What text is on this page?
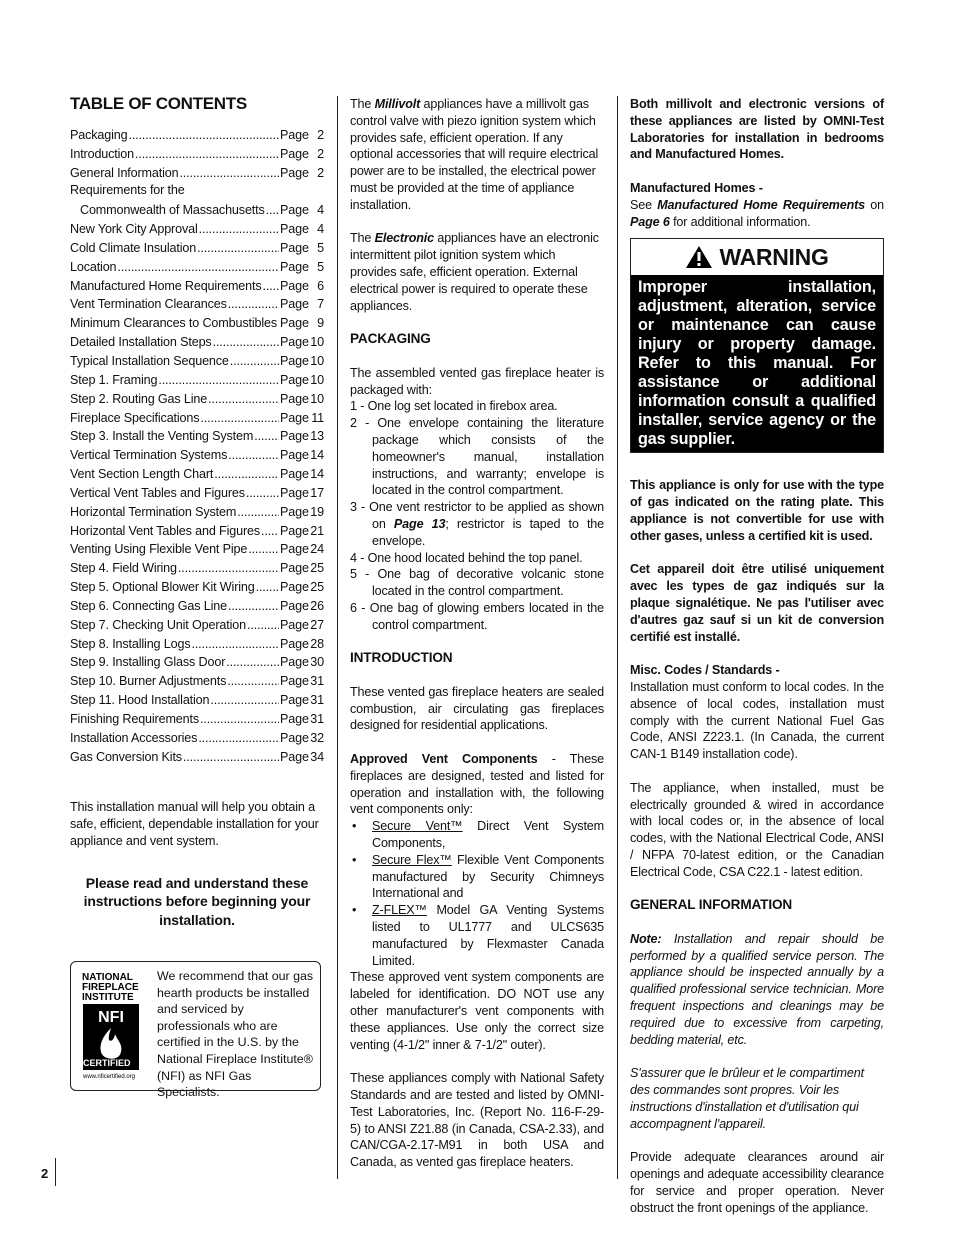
TABLE OF CONTENTS
Packaging .....	Page 2
Introduction .....	Page 2
General Information .....	Page 2
Requirements for the
Commonwealth of Massachusetts ..... Page 4
New York City Approval .....	Page 4
Cold Climate Insulation .....	Page 5
Location .....	Page 5
Manufactured Home Requirements ..... Page 6
Vent Termination Clearances .....	Page 7
Minimum Clearances to Combustibles ..... Page 9
Detailed Installation Steps .....	Page 10
Typical Installation Sequence .....	Page 10
Step 1. Framing .....	Page 10
Step 2. Routing Gas Line .....	Page 10
Fireplace Specifications .....	Page 11
Step 3. Install the Venting System ..... Page 13
Vertical Termination Systems .....	Page 14
Vent Section Length Chart .....	Page 14
Vertical Vent Tables and Figures .....	Page 17
Horizontal Termination System .....	Page 19
Horizontal Vent Tables and Figures ..... Page 21
Venting Using Flexible Vent Pipe .....	Page 24
Step 4. Field Wiring .....	Page 25
Step 5. Optional Blower Kit Wiring ..... Page 25
Step 6. Connecting Gas Line .....	Page 26
Step 7. Checking Unit Operation .....	Page 27
Step 8. Installing Logs .....	Page 28
Step 9. Installing Glass Door .....	Page 30
Step 10. Burner Adjustments .....	Page 31
Step 11. Hood Installation .....	Page 31
Finishing Requirements .....	Page 31
Installation Accessories .....	Page 32
Gas Conversion Kits .....	Page 34

This installation manual will help you obtain a safe, efficient, dependable installation for your appliance and vent system.

Please read and understand these instructions before beginning your installation.
NATIONAL
FIREPLACE
INSTITUTE
NFI
CERTIFIED
www.nficertified.org
We recommend that our gas hearth products be installed and serviced by professionals who are certified in the U.S. by the National Fireplace Institute® (NFI) as NFI Gas Specialists.

The Millivolt appliances have a millivolt gas control valve with piezo ignition system which provides safe, efficient operation. If any optional accessories that will require electrical power are to be installed, the electrical power must be provided at the time of appliance installation.

The Electronic appliances have an electronic intermittent pilot ignition system which provides safe, efficient operation. External electrical power is required to operate these appliances.

PACKAGING
The assembled vented gas fireplace heater is packaged with:
1 - One log set located in firebox area.
2 - One envelope containing the literature package which consists of the homeowner's manual, installation instructions, and warranty; envelope is located in the control compartment.
3 - One vent restrictor to be applied as shown on Page 13; restrictor is taped to the envelope.
4 - One hood located behind the top panel.
5 - One bag of decorative volcanic stone located in the control compartment.
6 - One bag of glowing embers located in the control compartment.
INTRODUCTION

These vented gas fireplace heaters are sealed combustion, air circulating gas fireplaces designed for residential applications.

Approved Vent Components - These fireplaces are designed, tested and listed for operation and installation with, the following vent components only:
• Secure Vent™ Direct Vent System Components,
• Secure Flex™ Flexible Vent Components manufactured by Security Chimneys International and
• Z-FLEX™ Model GA Venting Systems listed to UL1777 and ULCS635 manufactured by Flexmaster Canada Limited.

These approved vent system components are labeled for identification. DO NOT use any other manufacturer's vent components with these appliances. Use only the correct size venting (4-1/2" inner & 7-1/2" outer).

These appliances comply with National Safety Standards and are tested and listed by OMNI-Test Laboratories, Inc. (Report No. 116-F-29-5) to ANSI Z21.88 (in Canada, CSA-2.33), and CAN/CGA-2.17-M91 in both USA and Canada, as vented gas fireplace heaters.

Both millivolt and electronic versions of these appliances are listed by OMNI-Test Laboratories for installation in bedrooms and Manufactured Homes.

Manufactured Homes -

See Manufactured Home Requirements on Page 6 for additional information.

WARNING
Improper installation, adjustment, alteration, service or maintenance can cause injury or property damage. Refer to this manual. For assistance or additional information consult a qualified installer, service agency or the gas supplier.

This appliance is only for use with the type of gas indicated on the rating plate. This appliance is not convertible for use with other gases, unless a certified kit is used.

Cet appareil doit être utilisé uniquement avec les types de gaz indiqués sur la plaque signalétique. Ne pas l'utiliser avec d'autres gaz sauf si un kit de conversion certifié est installé.

Misc. Codes / Standards -

Installation must conform to local codes. In the absence of local codes, installation must comply with the current National Fuel Gas Code, ANSI Z223.1. (In Canada, the current CAN-1 B149 installation code).

The appliance, when installed, must be electrically grounded & wired in accordance with local codes or, in the absence of local codes, with the National Electrical Code, ANSI / NFPA 70-latest edition, or the Canadian Electrical Code, CSA C22.1 - latest edition.

GENERAL INFORMATION

Note: Installation and repair should be performed by a qualified service person. The appliance should be inspected annually by a qualified professional service technician. More frequent inspections and cleanings may be required due to excessive from carpeting, bedding material, etc.

S'assurer que le brûleur et le compartiment des commandes sont propres. Voir les instructions d'installation et d'utilisation qui accompagnent l'appareil.

Provide adequate clearances around air openings and adequate accessibility clearance for service and proper operation. Never obstruct the front openings of the appliance.

2
